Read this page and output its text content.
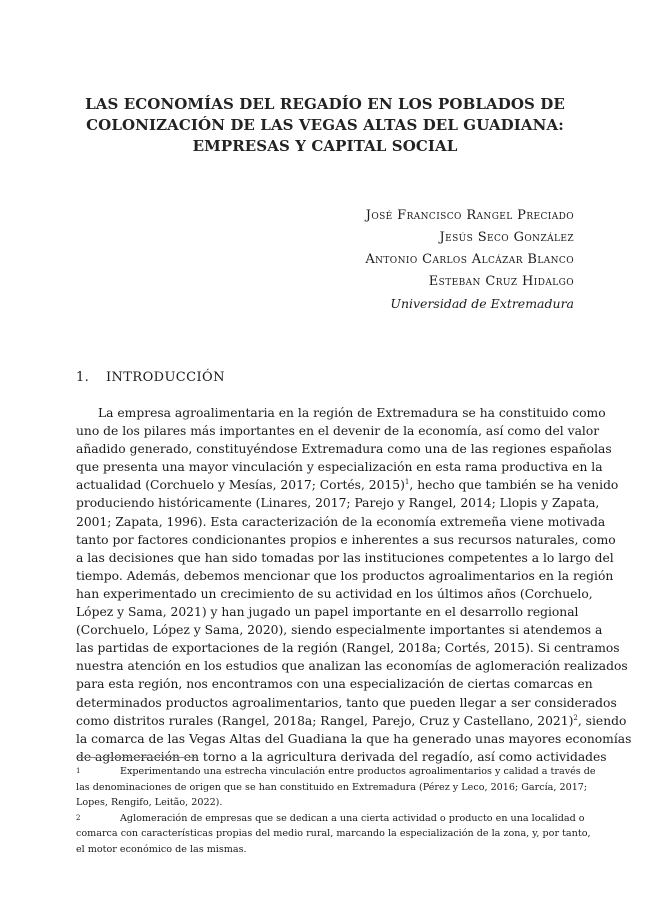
LAS ECONOMÍAS DEL REGADÍO EN LOS POBLADOS DE
COLONIZACIÓN DE LAS VEGAS ALTAS DEL GUADIANA:
EMPRESAS Y CAPITAL SOCIAL
José Francisco Rangel Preciado
Jesús Seco González
Antonio Carlos Alcázar Blanco
Esteban Cruz Hidalgo
Universidad de Extremadura
1. INTRODUCCIÓN
La empresa agroalimentaria en la región de Extremadura se ha constituido como
uno de los pilares más importantes en el devenir de la economía, así como del valor
añadido generado, constituyéndose Extremadura como una de las regiones españolas
que presenta una mayor vinculación y especialización en esta rama productiva en la
actualidad (Corchuelo y Mesías, 2017; Cortés, 2015)$^1$, hecho que también se ha venido
produciendo históricamente (Linares, 2017; Parejo y Rangel, 2014; Llopis y Zapata,
2001; Zapata, 1996). Esta caracterización de la economía extremeña viene motivada
tanto por factores condicionantes propios e inherentes a sus recursos naturales, como
a las decisiones que han sido tomadas por las instituciones competentes a lo largo del
tiempo. Además, debemos mencionar que los productos agroalimentarios en la región
han experimentado un crecimiento de su actividad en los últimos años (Corchuelo,
López y Sama, 2021) y han jugado un papel importante en el desarrollo regional
(Corchuelo, López y Sama, 2020), siendo especialmente importantes si atendemos a
las partidas de exportaciones de la región (Rangel, 2018a; Cortés, 2015). Si centramos
nuestra atención en los estudios que analizan las economías de aglomeración realizados
para esta región, nos encontramos con una especialización de ciertas comarcas en
determinados productos agroalimentarios, tanto que pueden llegar a ser considerados
como distritos rurales (Rangel, 2018a; Rangel, Parejo, Cruz y Castellano, 2021)$^2$, siendo
la comarca de las Vegas Altas del Guadiana la que ha generado unas mayores economías
de aglomeración en torno a la agricultura derivada del regadío, así como actividades
1	Experimentando una estrecha vinculación entre productos agroalimentarios y calidad a través de
las denominaciones de origen que se han constituido en Extremadura (Pérez y Leco, 2016; García, 2017;
Lopes, Rengifo, Leitão, 2022).
2	Aglomeración de empresas que se dedican a una cierta actividad o producto en una localidad o
comarca con características propias del medio rural, marcando la especialización de la zona, y, por tanto,
el motor económico de las mismas.
